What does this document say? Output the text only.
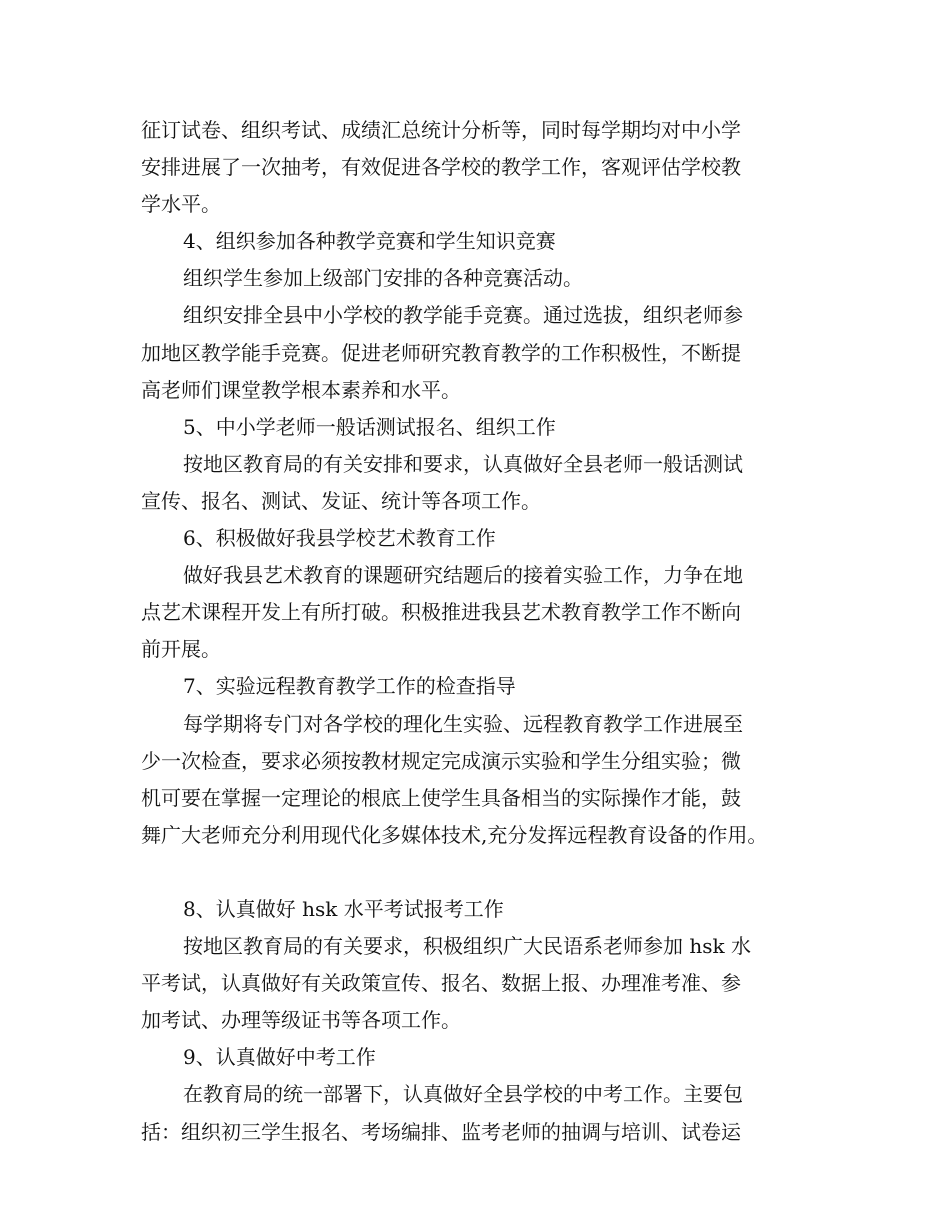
征订试卷、组织考试、成绩汇总统计分析等，同时每学期均对中小学
安排进展了一次抽考，有效促进各学校的教学工作，客观评估学校教
学水平。
4、组织参加各种教学竞赛和学生知识竞赛
组织学生参加上级部门安排的各种竞赛活动。
组织安排全县中小学校的教学能手竞赛。通过选拔，组织老师参
加地区教学能手竞赛。促进老师研究教育教学的工作积极性，不断提
高老师们课堂教学根本素养和水平。
5、中小学老师一般话测试报名、组织工作
按地区教育局的有关安排和要求，认真做好全县老师一般话测试
宣传、报名、测试、发证、统计等各项工作。
6、积极做好我县学校艺术教育工作
做好我县艺术教育的课题研究结题后的接着实验工作，力争在地
点艺术课程开发上有所打破。积极推进我县艺术教育教学工作不断向
前开展。
7、实验远程教育教学工作的检查指导
每学期将专门对各学校的理化生实验、远程教育教学工作进展至
少一次检查，要求必须按教材规定完成演示实验和学生分组实验；微
机可要在掌握一定理论的根底上使学生具备相当的实际操作才能，鼓
舞广大老师充分利用现代化多媒体技术,充分发挥远程教育设备的作用。
8、认真做好 hsk 水平考试报考工作
按地区教育局的有关要求，积极组织广大民语系老师参加 hsk 水
平考试，认真做好有关政策宣传、报名、数据上报、办理准考准、参
加考试、办理等级证书等各项工作。
9、认真做好中考工作
在教育局的统一部署下，认真做好全县学校的中考工作。主要包
括：组织初三学生报名、考场编排、监考老师的抽调与培训、试卷运
